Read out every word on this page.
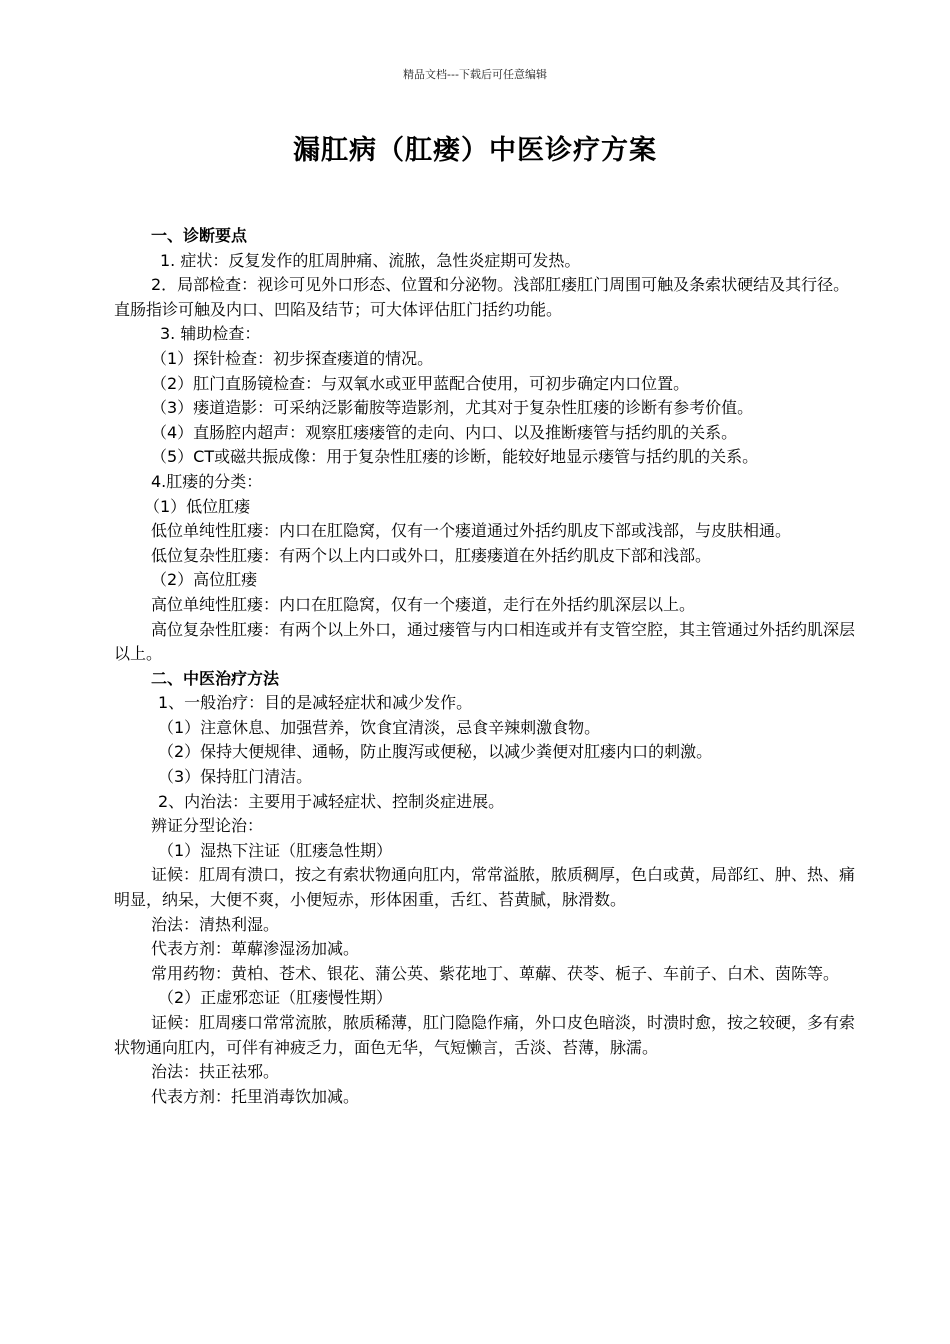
精品文档---下载后可任意编辑
漏肛病（肛瘘）中医诊疗方案

一、诊断要点

1. 症状：反复发作的肛周肿痛、流脓，急性炎症期可发热。

2．局部检查：视诊可见外口形态、位置和分泌物。浅部肛瘘肛门周围可触及条索状硬结及其行径。直肠指诊可触及内口、凹陷及结节；可大体评估肛门括约功能。

3. 辅助检查：

（1）探针检查：初步探查瘘道的情况。

（2）肛门直肠镜检查：与双氧水或亚甲蓝配合使用，可初步确定内口位置。

（3）瘘道造影：可采纳泛影葡胺等造影剂，尤其对于复杂性肛瘘的诊断有参考价值。

（4）直肠腔内超声：观察肛瘘瘘管的走向、内口、以及推断瘘管与括约肌的关系。

（5）CT或磁共振成像：用于复杂性肛瘘的诊断，能较好地显示瘘管与括约肌的关系。

4.肛瘘的分类：

（1）低位肛瘘

低位单纯性肛瘘：内口在肛隐窝，仅有一个瘘道通过外括约肌皮下部或浅部，与皮肤相通。

低位复杂性肛瘘：有两个以上内口或外口，肛瘘瘘道在外括约肌皮下部和浅部。

（2）高位肛瘘

高位单纯性肛瘘：内口在肛隐窝，仅有一个瘘道，走行在外括约肌深层以上。

高位复杂性肛瘘：有两个以上外口，通过瘘管与内口相连或并有支管空腔，其主管通过外括约肌深层以上。

二、中医治疗方法

1、一般治疗：目的是减轻症状和减少发作。

（1）注意休息、加强营养，饮食宜清淡，忌食辛辣刺激食物。

（2）保持大便规律、通畅，防止腹泻或便秘，以减少粪便对肛瘘内口的刺激。

（3）保持肛门清洁。

2、内治法：主要用于减轻症状、控制炎症进展。

辨证分型论治：

（1）湿热下注证（肛瘘急性期）

证候：肛周有溃口，按之有索状物通向肛内，常常溢脓，脓质稠厚，色白或黄，局部红、肿、热、痛明显，纳呆，大便不爽，小便短赤，形体困重，舌红、苔黄腻，脉滑数。

治法：清热利湿。

代表方剂：萆薢渗湿汤加减。

常用药物：黄柏、苍术、银花、蒲公英、紫花地丁、萆薢、茯苓、栀子、车前子、白术、茵陈等。

（2）正虚邪恋证（肛瘘慢性期）

证候：肛周瘘口常常流脓，脓质稀薄，肛门隐隐作痛，外口皮色暗淡，时溃时愈，按之较硬，多有索状物通向肛内，可伴有神疲乏力，面色无华，气短懒言，舌淡、苔薄，脉濡。

治法：扶正祛邪。

代表方剂：托里消毒饮加减。
